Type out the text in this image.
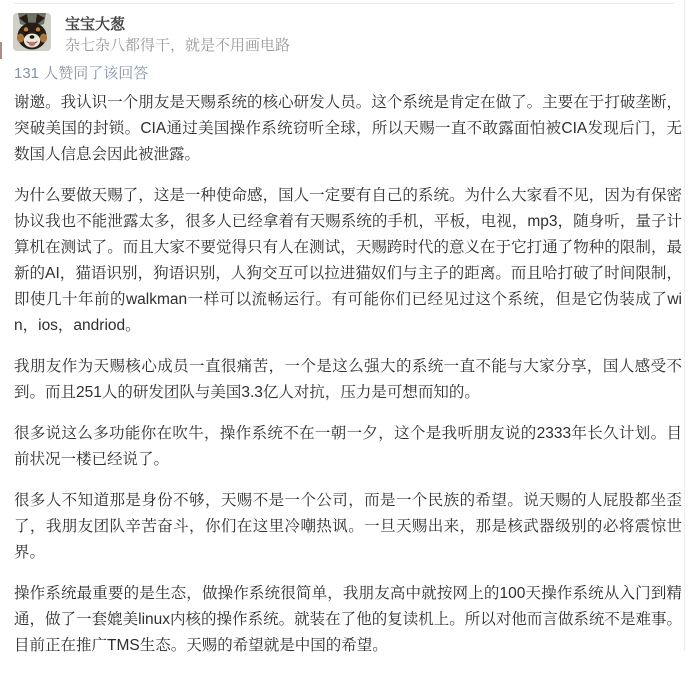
宝宝大葱
杂七杂八都得干，就是不用画电路
131 人赞同了该回答

谢邀。我认识一个朋友是天赐系统的核心研发人员。这个系统是肯定在做了。主要在于打破垄断，突破美国的封锁。CIA通过美国操作系统窃听全球，所以天赐一直不敢露面怕被CIA发现后门，无数国人信息会因此被泄露。

为什么要做天赐了，这是一种使命感，国人一定要有自己的系统。为什么大家看不见，因为有保密协议我也不能泄露太多，很多人已经拿着有天赐系统的手机，平板，电视，mp3，随身听，量子计算机在测试了。而且大家不要觉得只有人在测试，天赐跨时代的意义在于它打通了物种的限制，最新的AI，猫语识别，狗语识别，人狗交互可以拉进猫奴们与主子的距离。而且哈打破了时间限制，即使几十年前的walkman一样可以流畅运行。有可能你们已经见过这个系统，但是它伪装成了win，ios，andriod。

我朋友作为天赐核心成员一直很痛苦，一个是这么强大的系统一直不能与大家分享，国人感受不到。而且251人的研发团队与美国3.3亿人对抗，压力是可想而知的。

很多说这么多功能你在吹牛，操作系统不在一朝一夕，这个是我听朋友说的2333年长久计划。目前状况一楼已经说了。

很多人不知道那是身份不够，天赐不是一个公司，而是一个民族的希望。说天赐的人屁股都坐歪了，我朋友团队辛苦奋斗，你们在这里冷嘲热讽。一旦天赐出来，那是核武器级别的必将震惊世界。

操作系统最重要的是生态，做操作系统很简单，我朋友高中就按网上的100天操作系统从入门到精通，做了一套媲美linux内核的操作系统。就装在了他的复读机上。所以对他而言做系统不是难事。目前正在推广TMS生态。天赐的希望就是中国的希望。
